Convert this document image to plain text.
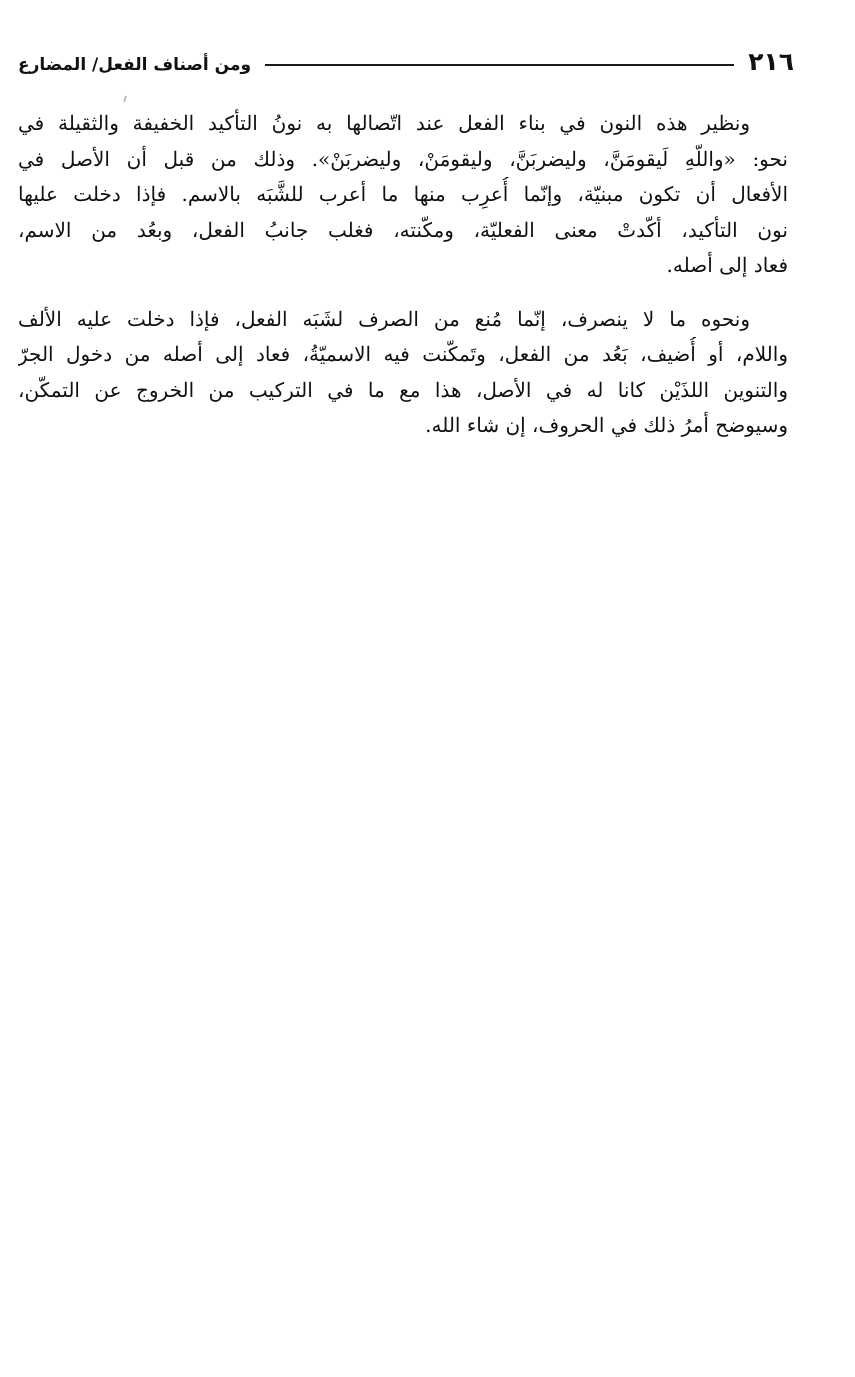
٢١٦
ومن أصناف الفعل/ المضارع
ونظير هذه النون في بناء الفعل عند اتّصالها به نونُ التأكيد الخفيفة والثقيلة في
نحو: «واللّهِ لَيقومَنَّ، وليضربَنَّ، وليقومَنْ، وليضربَنْ». وذلك من قبل أن الأصل في
الأفعال أن تكون مبنيّة، وإنّما أُعرِب منها ما أعرب للشَّبَه بالاسم. فإذا دخلت عليها
نون التأكيد، أكّدتْ معنى الفعليّة، ومكّنته، فغلب جانبُ الفعل، وبعُد من الاسم،
فعاد إلى أصله.
ونحوه ما لا ينصرف، إنّما مُنع من الصرف لشَبَه الفعل، فإذا دخلت عليه الألف
واللام، أو أُضيف، بَعُد من الفعل، وتَمكّنت فيه الاسميّةُ، فعاد إلى أصله من دخول الجرّ
والتنوين اللذَيْن كانا له في الأصل، هذا مع ما في التركيب من الخروج عن التمكّن،
وسيوضح أمرُ ذلك في الحروف، إن شاء الله.
